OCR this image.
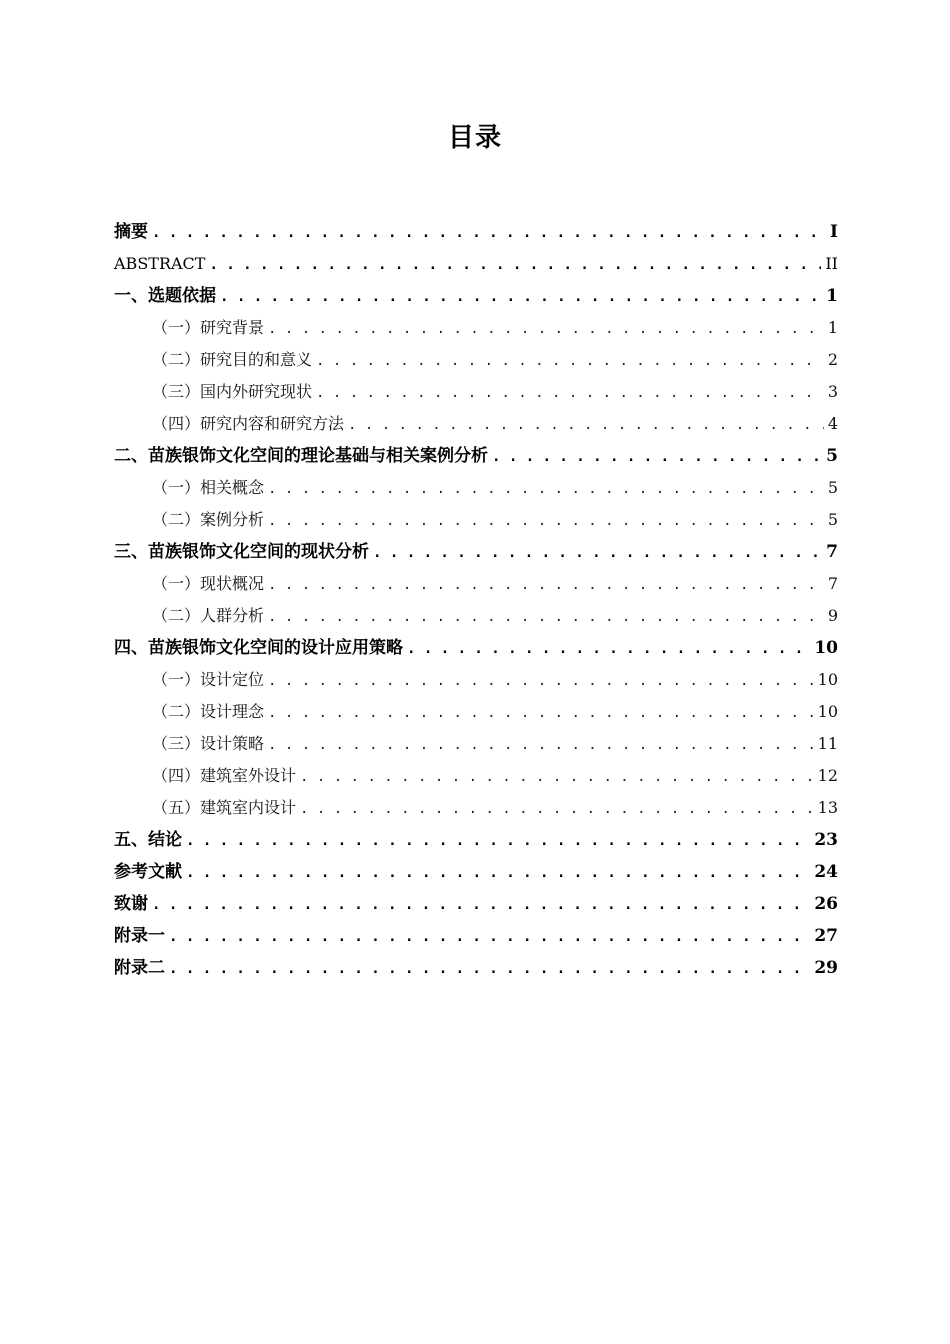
目录
摘要 . . .	I
ABSTRACT . . .	II
一、选题依据 . . .	1
（一）研究背景 . . .	1
（二）研究目的和意义 . . .	2
（三）国内外研究现状 . . .	3
（四）研究内容和研究方法 . . .	4
二、苗族银饰文化空间的理论基础与相关案例分析 . . .	5
（一）相关概念 . . .	5
（二）案例分析 . . .	5
三、苗族银饰文化空间的现状分析 . . .	7
（一）现状概况 . . .	7
（二）人群分析 . . .	9
四、苗族银饰文化空间的设计应用策略 . . .	10
（一）设计定位 . . .	10
（二）设计理念 . . .	10
（三）设计策略 . . .	11
（四）建筑室外设计 . . .	12
（五）建筑室内设计 . . .	13
五、结论 . . .	23
参考文献 . . .	24
致谢 . . .	26
附录一 . . .	27
附录二 . . .	29
